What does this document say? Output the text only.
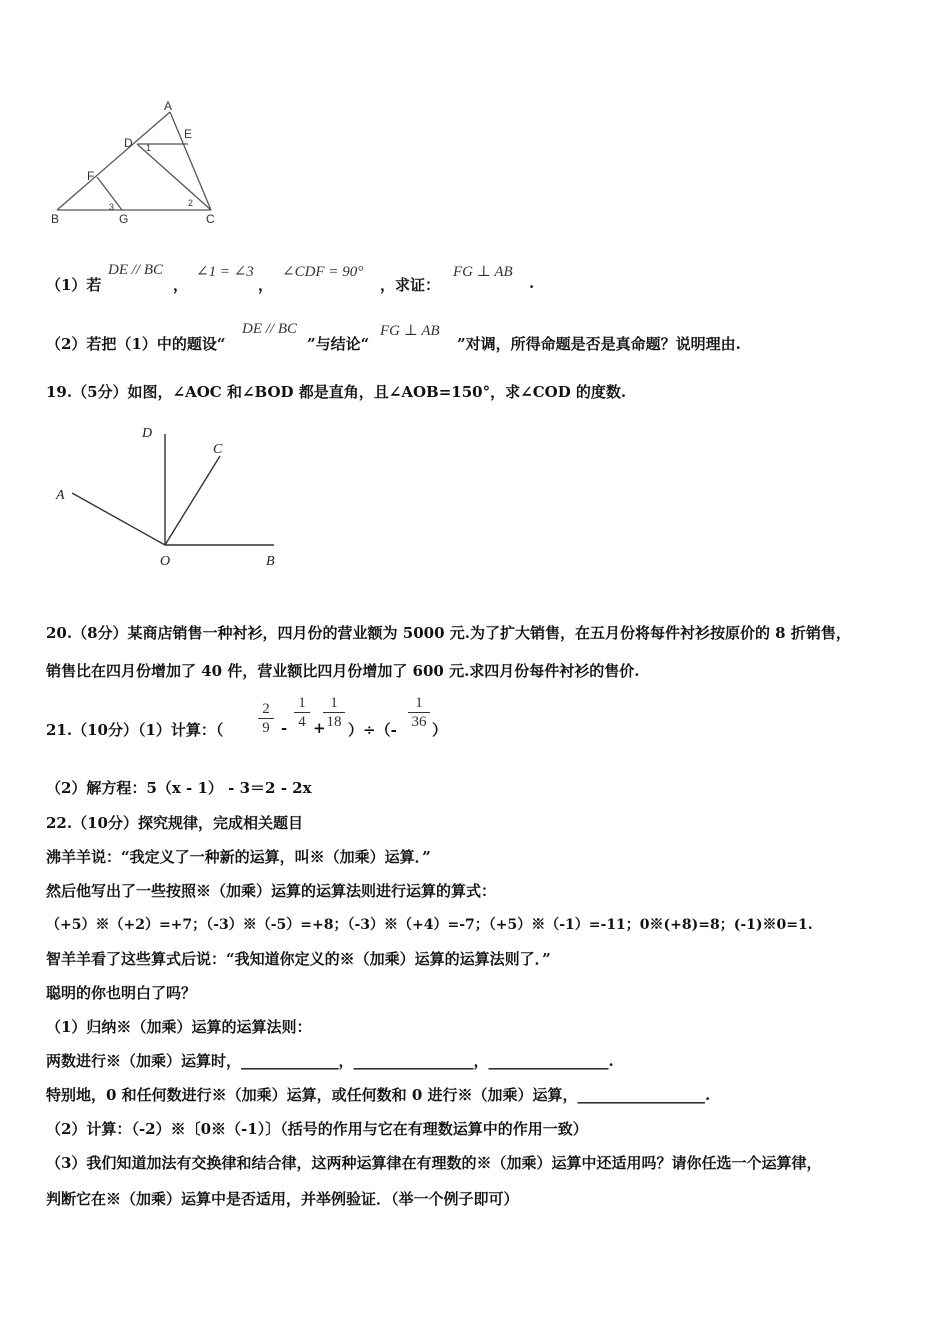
A
E
D 1
F
B
3
G
2
C
（1）若
DE // BC
，
∠1 = ∠3
，
∠CDF = 90°
，求证：
FG ⊥ AB
.
（2）若把（1）中的题设“
DE // BC
”与结论“
FG ⊥ AB
”对调，所得命题是否是真命题？说明理由.
19.（5分）如图，∠AOC 和∠BOD 都是直角，且∠AOB=150°，求∠COD 的度数.
D
C
A
O	B
20.（8分）某商店销售一种衬衫，四月份的营业额为 5000 元.为了扩大销售，在五月份将每件衬衫按原价的 8 折销售，
销售比在四月份增加了 40 件，营业额比四月份增加了 600 元.求四月份每件衬衫的售价.
21.（10分）（1）计算：（
2
9 -
1
4 +
1
18 ）÷（-
1
36 ）
（2）解方程：5（x - 1） - 3＝2 - 2x
22.（10分）探究规律，完成相关题目
沸羊羊说：“我定义了一种新的运算，叫※（加乘）运算．”
然后他写出了一些按照※（加乘）运算的运算法则进行运算的算式：
（+5）※（+2）=+7；（-3）※（-5）=+8；（-3）※（+4）=-7；（+5）※（-1）=-11；0※(+8)=8；(-1)※0=1.
智羊羊看了这些算式后说：“我知道你定义的※（加乘）运算的运算法则了．”
聪明的你也明白了吗？
（1）归纳※（加乘）运算的运算法则：
两数进行※（加乘）运算时，_____________，________________，________________.
特别地，0 和任何数进行※（加乘）运算，或任何数和 0 进行※（加乘）运算，_________________.
（2）计算：（-2）※〔0※（-1）〕（括号的作用与它在有理数运算中的作用一致）
（3）我们知道加法有交换律和结合律，这两种运算律在有理数的※（加乘）运算中还适用吗？请你任选一个运算律，
判断它在※（加乘）运算中是否适用，并举例验证．（举一个例子即可）
